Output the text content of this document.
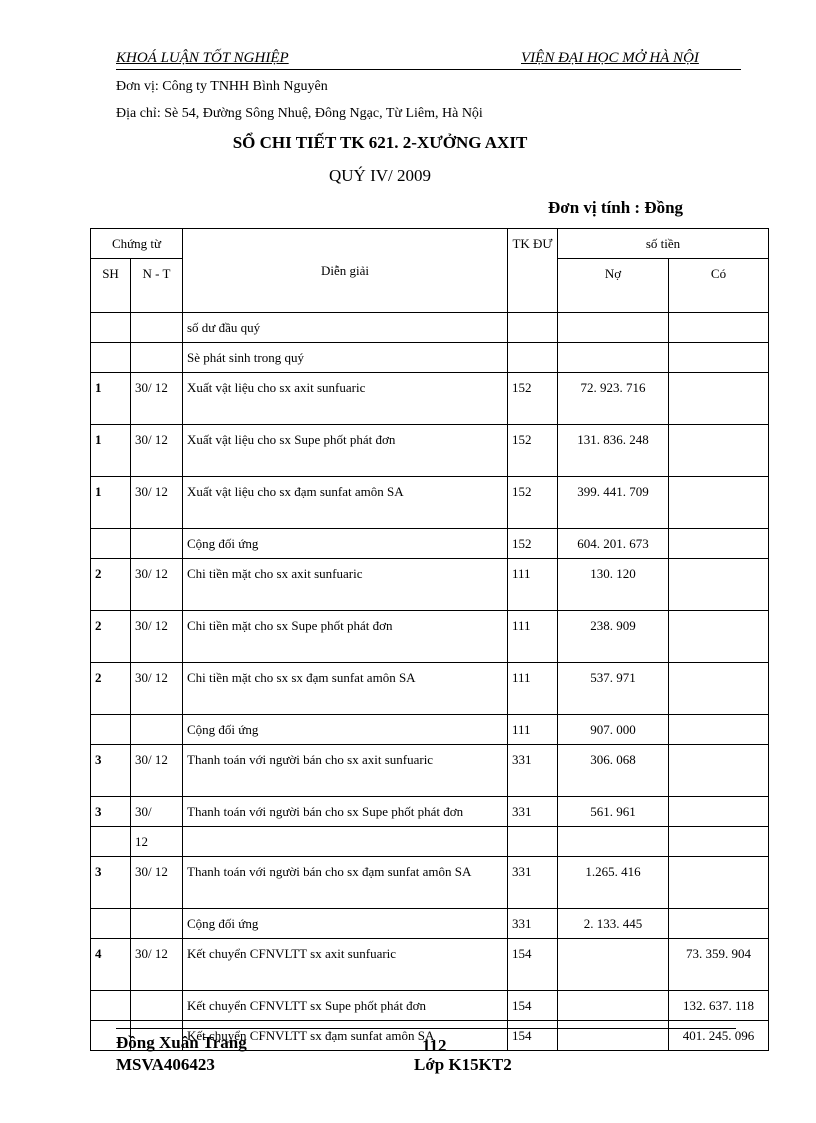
KHOÁ LUẬN TỐT NGHIỆP	VIỆN ĐẠI HỌC MỞ HÀ NỘI
Đơn vị: Công ty TNHH Bình Nguyên
Địa chỉ: Sè 54, Đường Sông Nhuệ, Đông Ngạc, Từ Liêm, Hà Nội
SỔ CHI TIẾT TK 621. 2-XƯỞNG AXIT
QUÝ IV/ 2009
Đơn vị tính : Đồng
Chứng từ		Diễn giải	TK ĐƯ	số tiền	
SH	N - T			Nợ	Có
		số dư đầu quý			
		Sè phát sinh trong quý			
1	30/ 12	Xuất vật liệu cho sx axit sunfuaric	152	72. 923. 716	
1	30/ 12	Xuất vật liệu cho sx Supe phốt phát đơn	152	131. 836. 248	
1	30/ 12	Xuất vật liệu cho sx đạm sunfat amôn SA	152	399. 441. 709	
		Cộng đối ứng	152	604. 201. 673	
2	30/ 12	Chi tiền mặt cho sx axit sunfuaric	111	130. 120	
2	30/ 12	Chi tiền mặt cho sx Supe phốt phát đơn	111	238. 909	
2	30/ 12	Chi tiền mặt cho sx sx đạm sunfat amôn SA	111	537. 971	
		Cộng đối ứng	111	907. 000	
3	30/ 12	Thanh toán với người bán cho sx axit sunfuaric	331	306. 068	
3	30/	Thanh toán với người bán cho sx Supe phốt phát đơn	331	561. 961	
	12				
3	30/ 12	Thanh toán với người bán cho sx đạm sunfat amôn SA	331	1.265. 416	
		Cộng đối ứng	331	2. 133. 445	
4	30/ 12	Kết chuyển CFNVLTT sx axit sunfuaric	154		73. 359. 904
		Kết chuyển CFNVLTT sx Supe phốt phát đơn	154		132. 637. 118
		Kết chuyển CFNVLTT sx đạm sunfat amôn SA	154		401. 245. 096
Đồng Xuân Trang
MSVA406423
112
Lớp K15KT2
